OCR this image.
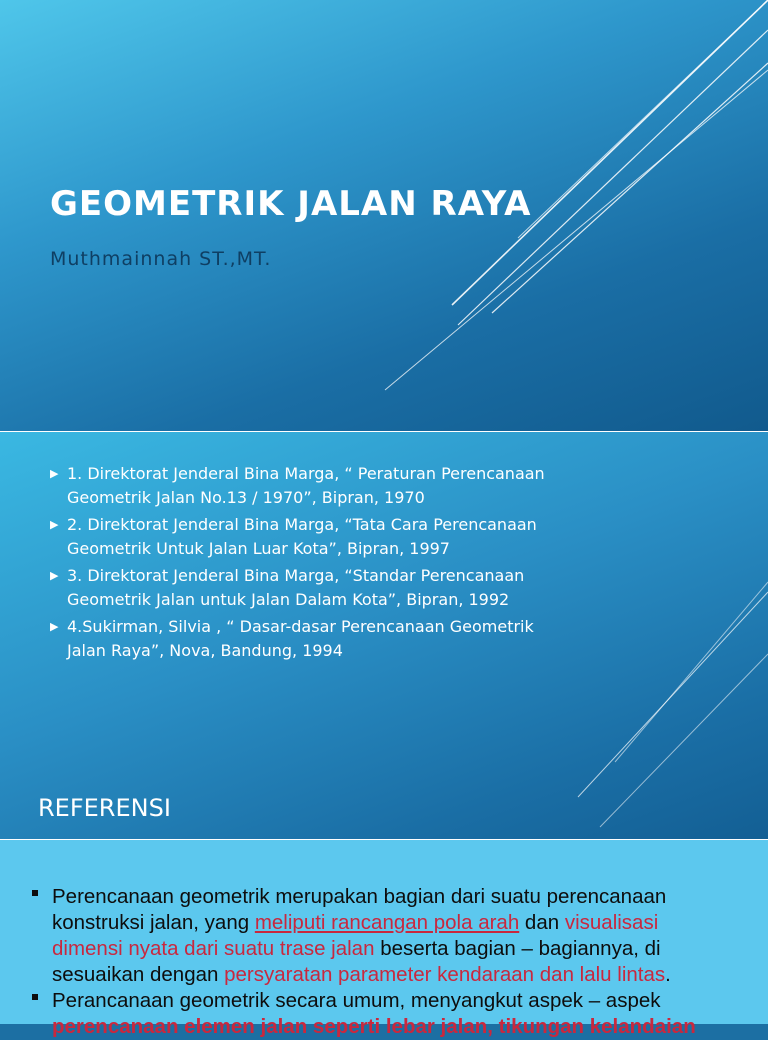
GEOMETRIK JALAN RAYA

Muthmainnah ST.,MT.

▶ 1. Direktorat Jenderal Bina Marga, “ Peraturan Perencanaan Geometrik Jalan No.13 / 1970”, Bipran, 1970
▶ 2. Direktorat Jenderal Bina Marga, “Tata Cara Perencanaan Geometrik Untuk Jalan Luar Kota”, Bipran, 1997
▶ 3. Direktorat Jenderal Bina Marga, “Standar Perencanaan Geometrik Jalan untuk Jalan Dalam Kota”, Bipran, 1992
▶ 4.Sukirman, Silvia , “ Dasar-dasar Perencanaan Geometrik Jalan Raya”, Nova, Bandung, 1994
REFERENSI
Perencanaan geometrik merupakan bagian dari suatu perencanaan konstruksi jalan, yang meliputi rancangan pola arah dan visualisasi dimensi nyata dari suatu trase jalan beserta bagian – bagiannya, di sesuaikan dengan persyaratan parameter kendaraan dan lalu lintas.
Perancanaan geometrik secara umum, menyangkut aspek – aspek perencanaan elemen jalan seperti lebar jalan, tikungan kelandaian
